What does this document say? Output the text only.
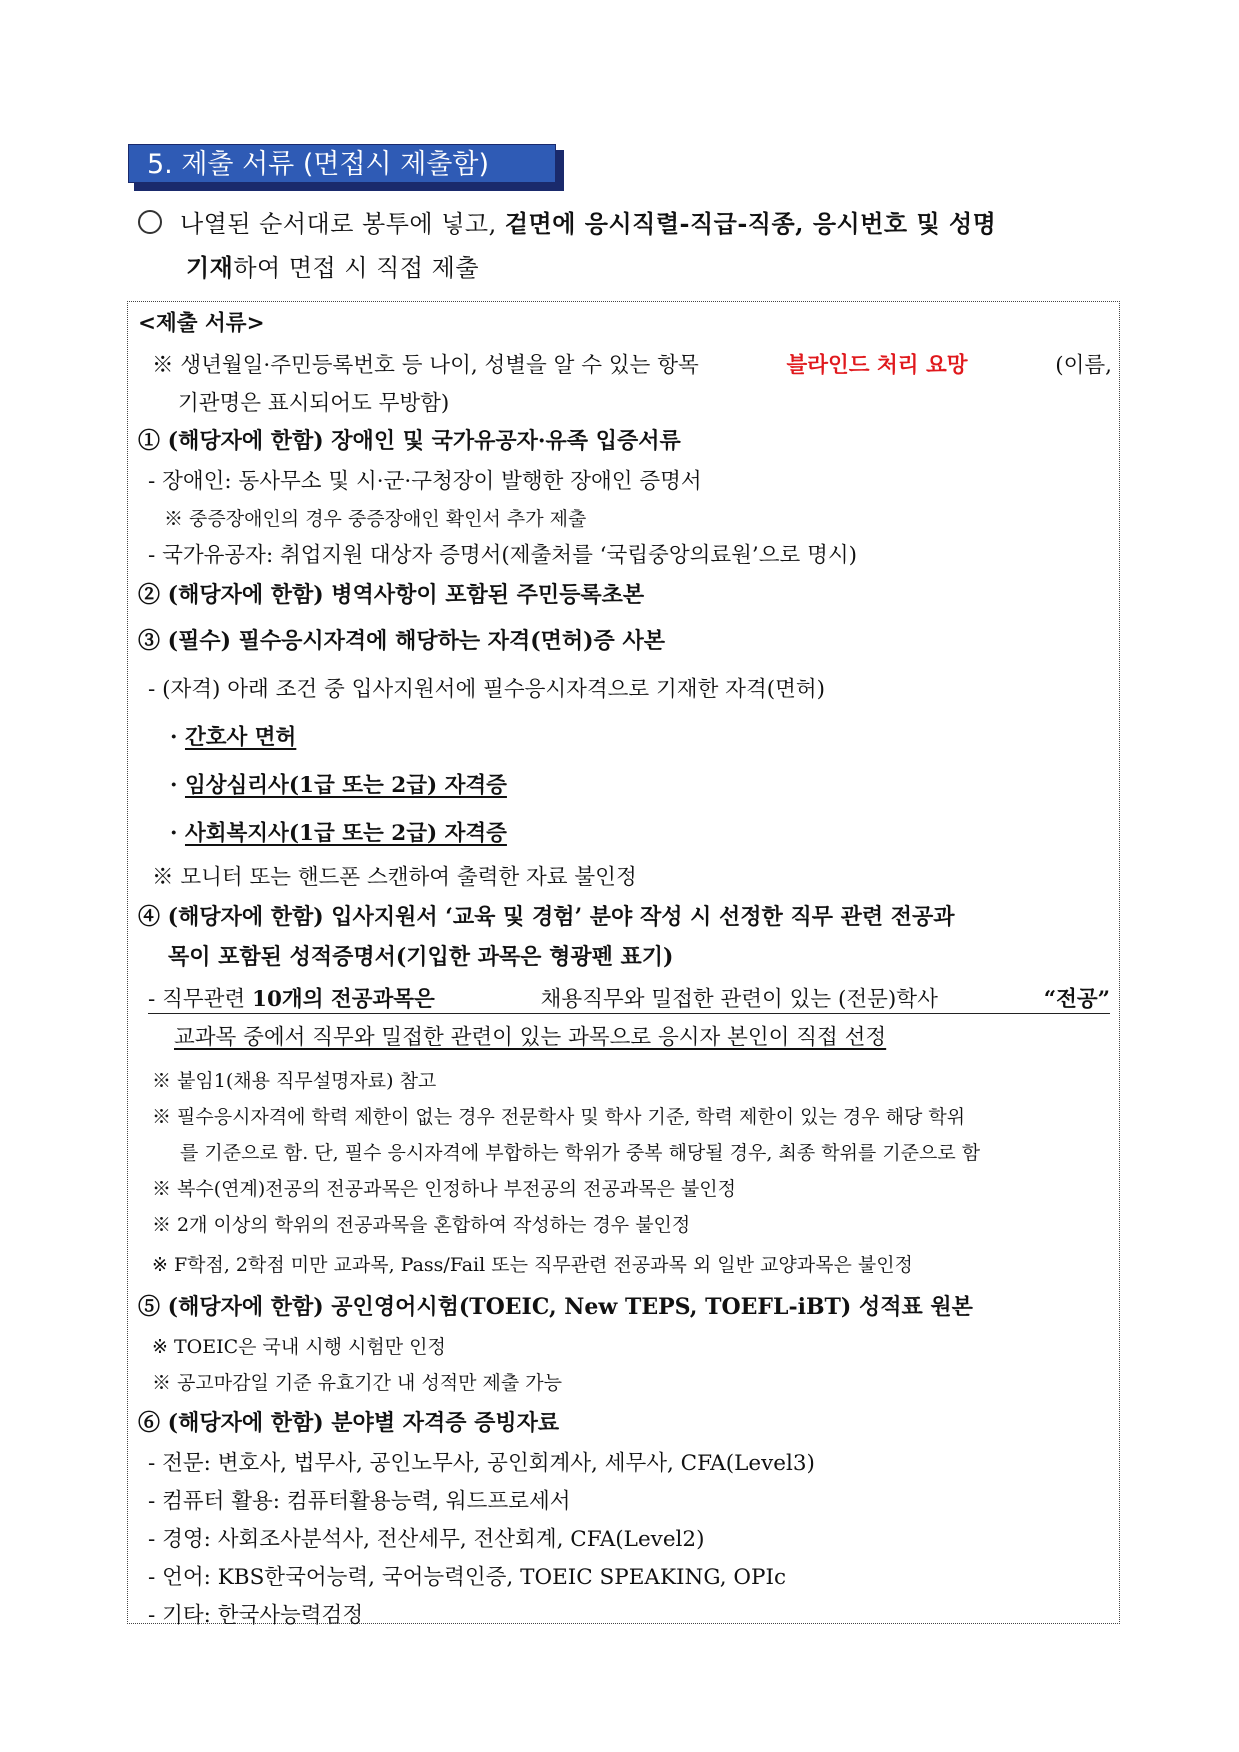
5. 제출 서류 (면접시 제출함)
나열된 순서대로 봉투에 넣고, 겉면에 응시직렬-직급-직종, 응시번호 및 성명
기재하여 면접 시 직접 제출
<제출 서류>
※ 생년월일·주민등록번호 등 나이, 성별을 알 수 있는 항목	블라인드 처리 요망	(이름,
기관명은 표시되어도 무방함)
① (해당자에 한함) 장애인 및 국가유공자·유족 입증서류
- 장애인: 동사무소 및 시·군·구청장이 발행한 장애인 증명서
※ 중증장애인의 경우 중증장애인 확인서 추가 제출
- 국가유공자: 취업지원 대상자 증명서(제출처를 ‘국립중앙의료원’으로 명시)
② (해당자에 한함) 병역사항이 포함된 주민등록초본
③ (필수) 필수응시자격에 해당하는 자격(면허)증 사본
- (자격) 아래 조건 중 입사지원서에 필수응시자격으로 기재한 자격(면허)
· 간호사 면허
· 임상심리사(1급 또는 2급) 자격증
· 사회복지사(1급 또는 2급) 자격증
※ 모니터 또는 핸드폰 스캔하여 출력한 자료 불인정
④ (해당자에 한함) 입사지원서 ‘교육 및 경험’ 분야 작성 시 선정한 직무 관련 전공과
목이 포함된 성적증명서(기입한 과목은 형광펜 표기)
- 직무관련 10개의 전공과목은	채용직무와 밀접한 관련이 있는 (전문)학사	“전공”
교과목 중에서 직무와 밀접한 관련이 있는 과목으로 응시자 본인이 직접 선정
※ 붙임1(채용 직무설명자료) 참고
※ 필수응시자격에 학력 제한이 없는 경우 전문학사 및 학사 기준, 학력 제한이 있는 경우 해당 학위
를 기준으로 함. 단, 필수 응시자격에 부합하는 학위가 중복 해당될 경우, 최종 학위를 기준으로 함
※ 복수(연계)전공의 전공과목은 인정하나 부전공의 전공과목은 불인정
※ 2개 이상의 학위의 전공과목을 혼합하여 작성하는 경우 불인정
※ F학점, 2학점 미만 교과목, Pass/Fail 또는 직무관련 전공과목 외 일반 교양과목은 불인정
⑤ (해당자에 한함) 공인영어시험(TOEIC, New TEPS, TOEFL-iBT) 성적표 원본
※ TOEIC은 국내 시행 시험만 인정
※ 공고마감일 기준 유효기간 내 성적만 제출 가능
⑥ (해당자에 한함) 분야별 자격증 증빙자료
- 전문: 변호사, 법무사, 공인노무사, 공인회계사, 세무사, CFA(Level3)
- 컴퓨터 활용: 컴퓨터활용능력, 워드프로세서
- 경영: 사회조사분석사, 전산세무, 전산회계, CFA(Level2)
- 언어: KBS한국어능력, 국어능력인증, TOEIC SPEAKING, OPIc
- 기타: 한국사능력검정
